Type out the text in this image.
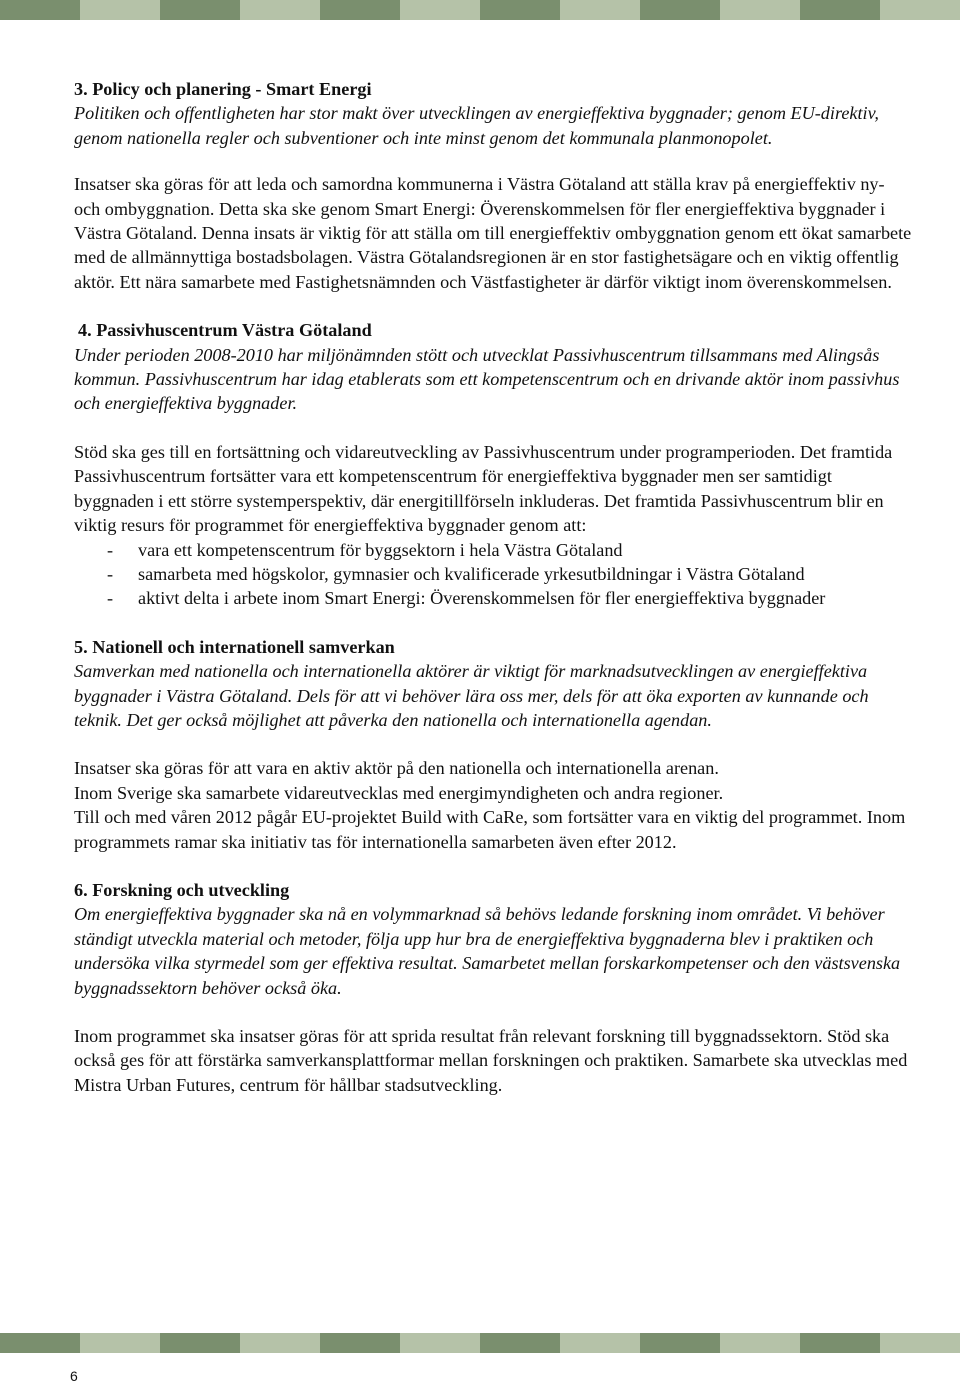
3. Policy och planering - Smart Energi

Politiken och offentligheten har stor makt över utvecklingen av energieffektiva byggnader; genom EU-direktiv, genom nationella regler och subventioner och inte minst genom det kommunala planmonopolet.

Insatser ska göras för att leda och samordna kommunerna i Västra Götaland att ställa krav på energieffektiv ny- och ombyggnation. Detta ska ske genom Smart Energi: Överenskommelsen för fler energieffektiva byggnader i Västra Götaland. Denna insats är viktig för att ställa om till energieffektiv ombyggnation genom ett ökat samarbete med de allmännyttiga bostadsbolagen. Västra Götalandsregionen är en stor fastighetsägare och en viktig offentlig aktör. Ett nära samarbete med Fastighetsnämnden och Västfastigheter är därför viktigt inom överenskommelsen.

4. Passivhuscentrum Västra Götaland

Under perioden 2008-2010 har miljönämnden stött och utvecklat Passivhuscentrum tillsammans med Alingsås kommun. Passivhuscentrum har idag etablerats som ett kompetenscentrum och en drivande aktör inom passivhus och energieffektiva byggnader.

Stöd ska ges till en fortsättning och vidareutveckling av Passivhuscentrum under programperioden. Det framtida Passivhuscentrum fortsätter vara ett kompetenscentrum för energieffektiva byggnader men ser samtidigt byggnaden i ett större systemperspektiv, där energitillförseln inkluderas. Det framtida Passivhuscentrum blir en viktig resurs för programmet för energieffektiva byggnader genom att:

- vara ett kompetenscentrum för byggsektorn i hela Västra Götaland
- samarbeta med högskolor, gymnasier och kvalificerade yrkesutbildningar i Västra Götaland
- aktivt delta i arbete inom Smart Energi: Överenskommelsen för fler energieffektiva byggnader
5. Nationell och internationell samverkan

Samverkan med nationella och internationella aktörer är viktigt för marknadsutvecklingen av energieffektiva byggnader i Västra Götaland. Dels för att vi behöver lära oss mer, dels för att öka exporten av kunnande och teknik. Det ger också möjlighet att påverka den nationella och internationella agendan.

Insatser ska göras för att vara en aktiv aktör på den nationella och internationella arenan.

Inom Sverige ska samarbete vidareutvecklas med energimyndigheten och andra regioner.

Till och med våren 2012 pågår EU-projektet Build with CaRe, som fortsätter vara en viktig del programmet. Inom programmets ramar ska initiativ tas för internationella samarbeten även efter 2012.

6. Forskning och utveckling

Om energieffektiva byggnader ska nå en volymmarknad så behövs ledande forskning inom området. Vi behöver ständigt utveckla material och metoder, följa upp hur bra de energieffektiva byggnaderna blev i praktiken och undersöka vilka styrmedel som ger effektiva resultat. Samarbetet mellan forskarkompetenser och den västsvenska byggnadssektorn behöver också öka.

Inom programmet ska insatser göras för att sprida resultat från relevant forskning till byggnadssektorn. Stöd ska också ges för att förstärka samverkansplattformar mellan forskningen och praktiken. Samarbete ska utvecklas med Mistra Urban Futures, centrum för hållbar stadsutveckling.

6
